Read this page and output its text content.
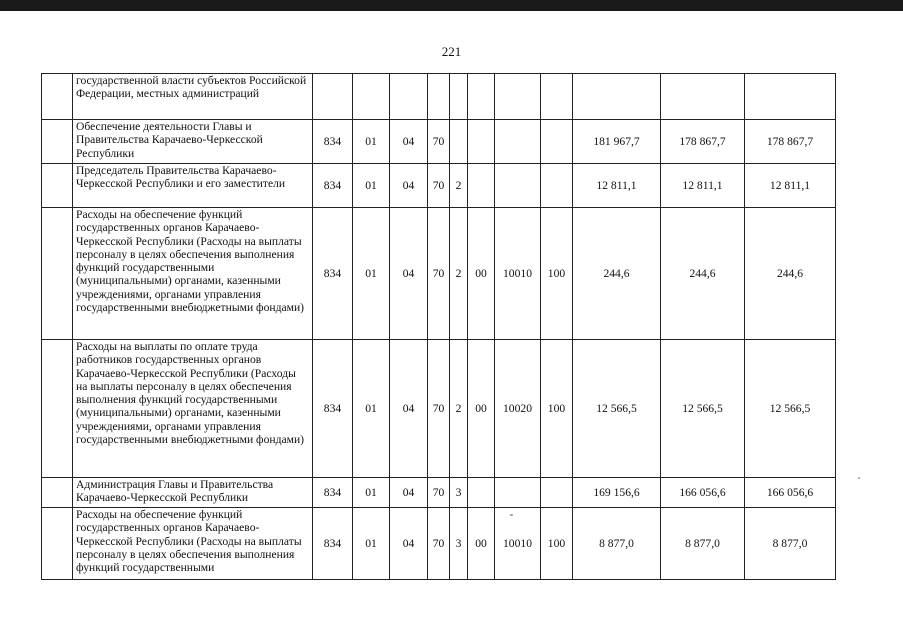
221
	государственной власти субъектов Российской Федерации, местных администраций											
	Обеспечение деятельности Главы и Правительства Карачаево-Черкесской Республики	834	01	04	70					181 967,7	178 867,7	178 867,7
	Председатель Правительства Карачаево-Черкесской Республики и его заместители	834	01	04	70	2				12 811,1	12 811,1	12 811,1
	Расходы на обеспечение функций государственных органов Карачаево-Черкесской Республики (Расходы на выплаты персоналу в целях обеспечения выполнения функций государственными (муниципальными) органами, казенными учреждениями, органами управления государственными внебюджетными фондами)	834	01	04	70	2	00	10010	100	244,6	244,6	244,6
	Расходы на выплаты по оплате труда работников государственных органов Карачаево-Черкесской Республики (Расходы на выплаты персоналу в целях обеспечения выполнения функций государственными (муниципальными) органами, казенными учреждениями, органами управления государственными внебюджетными фондами)	834	01	04	70	2	00	10020	100	12 566,5	12 566,5	12 566,5
	Администрация Главы и Правительства Карачаево-Черкесской Республики	834	01	04	70	3				169 156,6	166 056,6	166 056,6
	Расходы на обеспечение функций государственных органов Карачаево-Черкесской Республики (Расходы на выплаты персоналу в целях обеспечения выполнения функций государственными	834	01	04	70	3	00	10010	100	8 877,0	8 877,0	8 877,0
